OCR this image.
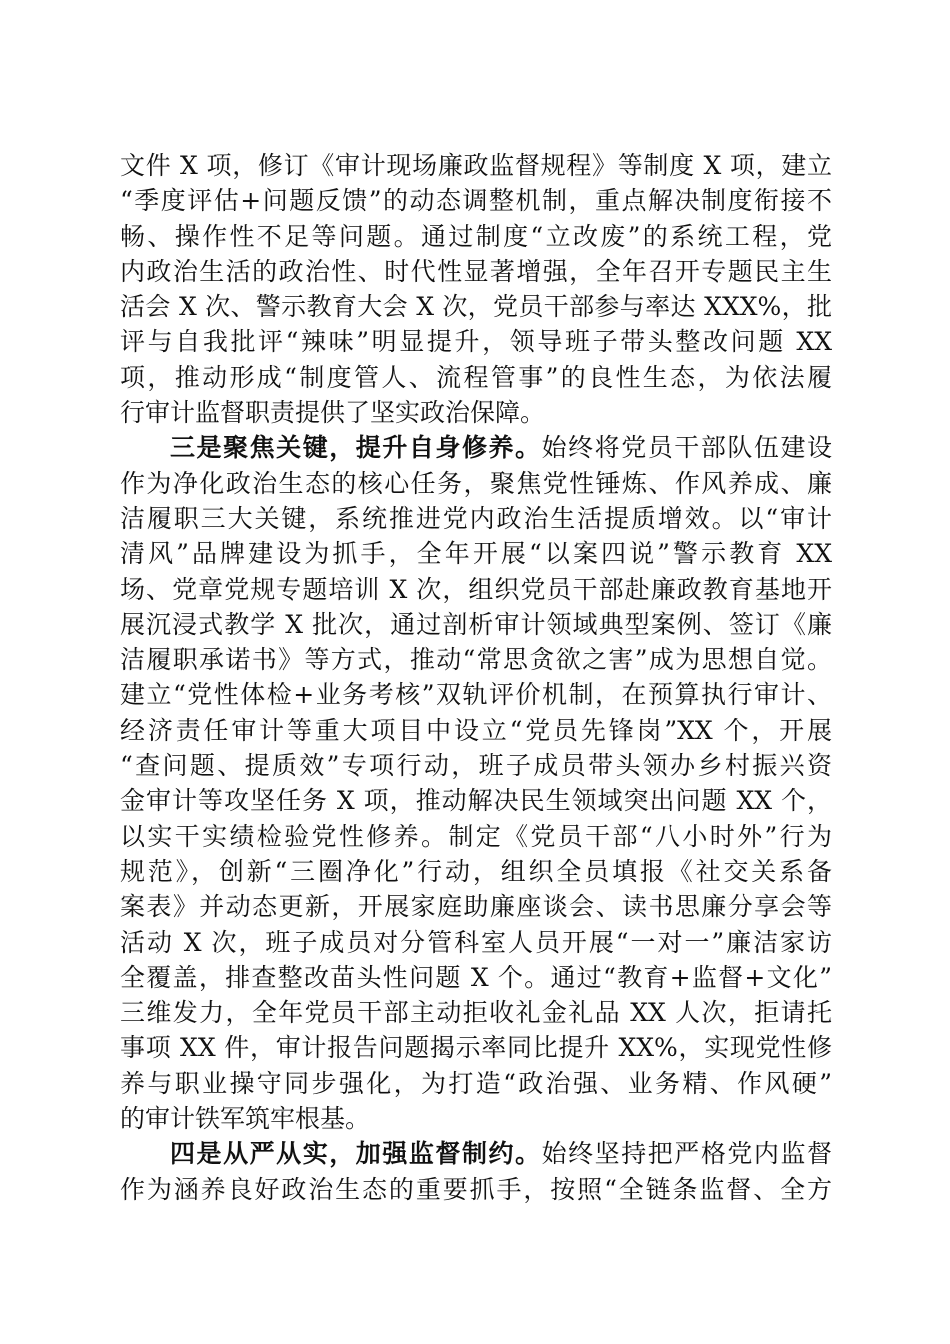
文件 X 项，修订《审计现场廉政监督规程》等制度 X 项，建立
“季度评估+问题反馈”的动态调整机制，重点解决制度衔接不
畅、操作性不足等问题。通过制度“立改废”的系统工程，党
内政治生活的政治性、时代性显著增强，全年召开专题民主生
活会 X 次、警示教育大会 X 次，党员干部参与率达 XXX%，批
评与自我批评“辣味”明显提升，领导班子带头整改问题 XX
项，推动形成“制度管人、流程管事”的良性生态，为依法履
行审计监督职责提供了坚实政治保障。

三是聚焦关键，提升自身修养。始终将党员干部队伍建设
作为净化政治生态的核心任务，聚焦党性锤炼、作风养成、廉
洁履职三大关键，系统推进党内政治生活提质增效。以“审计
清风”品牌建设为抓手，全年开展“以案四说”警示教育 XX
场、党章党规专题培训 X 次，组织党员干部赴廉政教育基地开
展沉浸式教学 X 批次，通过剖析审计领域典型案例、签订《廉
洁履职承诺书》等方式，推动“常思贪欲之害”成为思想自觉。
建立“党性体检+业务考核”双轨评价机制，在预算执行审计、
经济责任审计等重大项目中设立“党员先锋岗”XX 个，开展
“查问题、提质效”专项行动，班子成员带头领办乡村振兴资
金审计等攻坚任务 X 项，推动解决民生领域突出问题 XX 个，
以实干实绩检验党性修养。制定《党员干部“八小时外”行为
规范》，创新“三圈净化”行动，组织全员填报《社交关系备
案表》并动态更新，开展家庭助廉座谈会、读书思廉分享会等
活动 X 次，班子成员对分管科室人员开展“一对一”廉洁家访
全覆盖，排查整改苗头性问题 X 个。通过“教育+监督+文化”
三维发力，全年党员干部主动拒收礼金礼品 XX 人次，拒请托
事项 XX 件，审计报告问题揭示率同比提升 XX%，实现党性修
养与职业操守同步强化，为打造“政治强、业务精、作风硬”
的审计铁军筑牢根基。

四是从严从实，加强监督制约。始终坚持把严格党内监督
作为涵养良好政治生态的重要抓手，按照“全链条监督、全方
